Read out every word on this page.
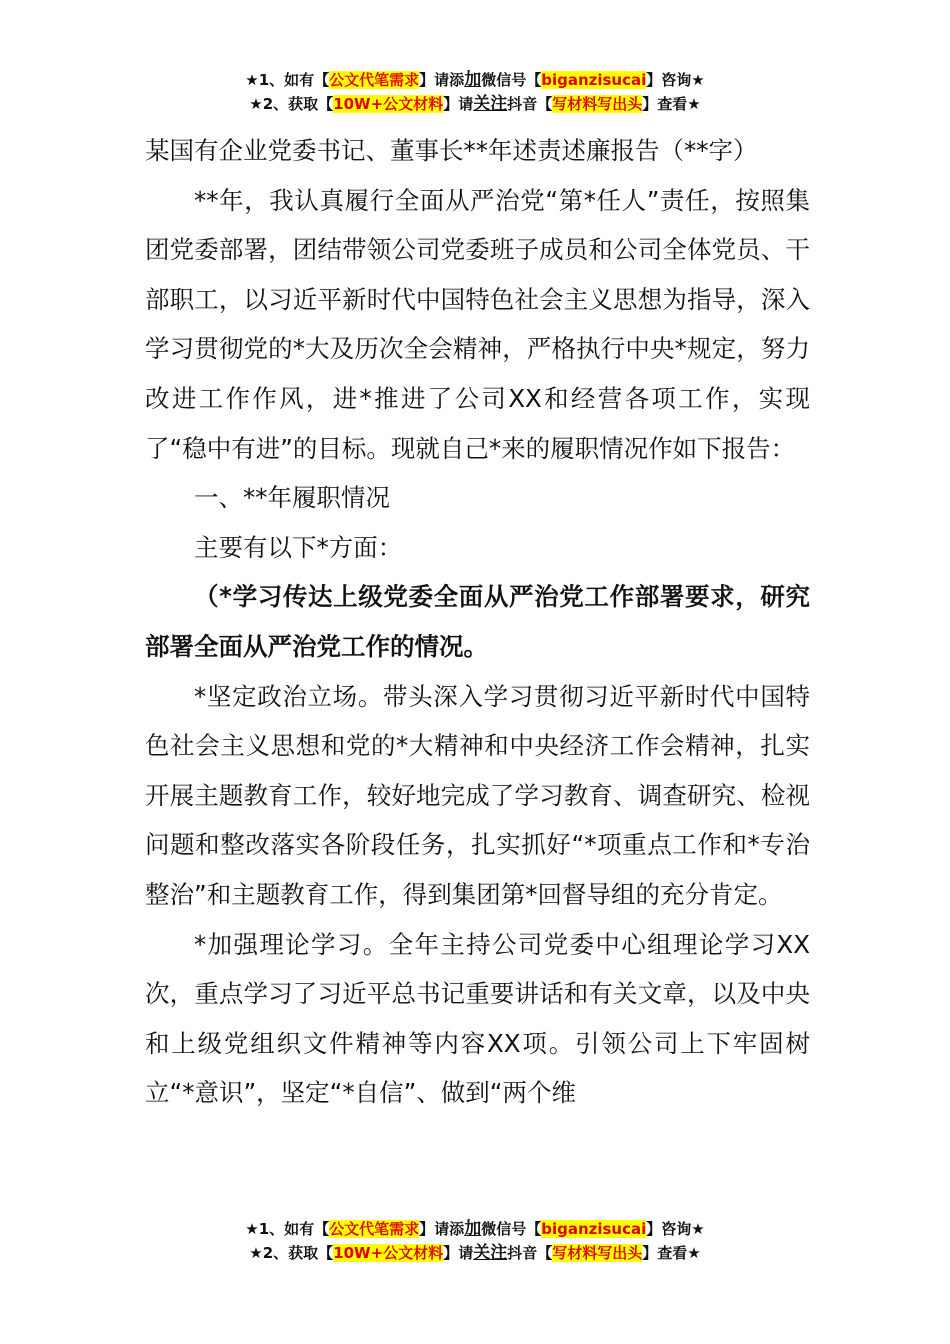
★1、如有【公文代笔需求】请添加微信号【biganzisucai】咨询★
★2、获取【10W+公文材料】请关注抖音【写材料写出头】查看★

某国有企业党委书记、董事长**年述责述廉报告（**字）

**年，我认真履行全面从严治党“第*任人”责任，按照集团党委部署，团结带领公司党委班子成员和公司全体党员、干部职工，以习近平新时代中国特色社会主义思想为指导，深入学习贯彻党的*大及历次全会精神，严格执行中央*规定，努力改进工作作风，进*推进了公司XX和经营各项工作，实现了“稳中有进”的目标。现就自己*来的履职情况作如下报告：

一、**年履职情况

主要有以下*方面：

（*学习传达上级党委全面从严治党工作部署要求，研究部署全面从严治党工作的情况。

*坚定政治立场。带头深入学习贯彻习近平新时代中国特色社会主义思想和党的*大精神和中央经济工作会精神，扎实开展主题教育工作，较好地完成了学习教育、调查研究、检视问题和整改落实各阶段任务，扎实抓好“*项重点工作和*专治整治”和主题教育工作，得到集团第*回督导组的充分肯定。

*加强理论学习。全年主持公司党委中心组理论学习XX次，重点学习了习近平总书记重要讲话和有关文章，以及中央和上级党组织文件精神等内容XX项。引领公司上下牢固树立“*意识”，坚定“*自信”、做到“两个维

★1、如有【公文代笔需求】请添加微信号【biganzisucai】咨询★
★2、获取【10W+公文材料】请关注抖音【写材料写出头】查看★
